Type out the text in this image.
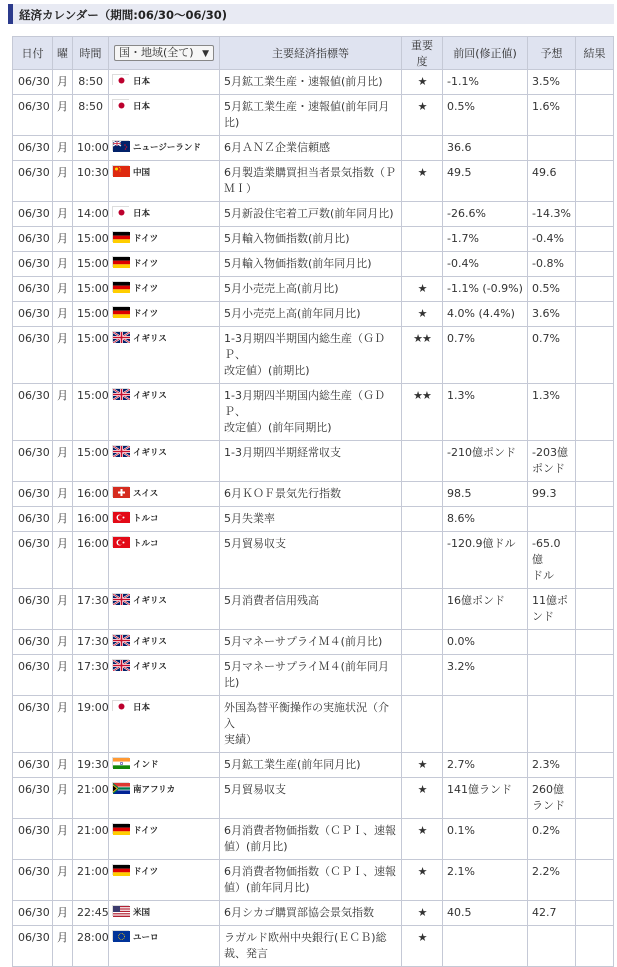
経済カレンダー（期間:06/30～06/30)
日付	曜	時間	国・地域(全て) ▼	主要経済指標等	重要度	前回(修正値)	予想	結果
06/30	月	8:50	日本	5月鉱工業生産・速報値(前月比)	★	-1.1%	3.5%	

06/30	月	8:50	日本	5月鉱工業生産・速報値(前年同月比)	★	0.5%	1.6%	

06/30	月	10:00	ニュージーランド	6月ＡＮＺ企業信頼感		36.6		

06/30	月	10:30	中国	6月製造業購買担当者景気指数（Ｐ
ＭＩ）	★	49.5	49.6	

06/30	月	14:00	日本	5月新設住宅着工戸数(前年同月比)		-26.6%	-14.3%	

06/30	月	15:00	ドイツ	5月輸入物価指数(前月比)		-1.7%	-0.4%	

06/30	月	15:00	ドイツ	5月輸入物価指数(前年同月比)		-0.4%	-0.8%	

06/30	月	15:00	ドイツ	5月小売売上高(前月比)	★	-1.1% (-0.9%)	0.5%	

06/30	月	15:00	ドイツ	5月小売売上高(前年同月比)	★	4.0% (4.4%)	3.6%	

06/30	月	15:00	イギリス	1-3月期四半期国内総生産（ＧＤＰ、
改定値）(前期比)	★★	0.7%	0.7%	

06/30	月	15:00	イギリス	1-3月期四半期国内総生産（ＧＤＰ、
改定値）(前年同期比)	★★	1.3%	1.3%	

06/30	月	15:00	イギリス	1-3月期四半期経常収支		-210億ポンド	-203億
ポンド	

06/30	月	16:00	スイス	6月ＫＯＦ景気先行指数		98.5	99.3	

06/30	月	16:00	トルコ	5月失業率		8.6%		

06/30	月	16:00	トルコ	5月貿易収支		-120.9億ドル	-65.0億
ドル	

06/30	月	17:30	イギリス	5月消費者信用残高		16億ポンド	11億ポ
ンド	

06/30	月	17:30	イギリス	5月マネーサプライＭ４(前月比)		0.0%		

06/30	月	17:30	イギリス	5月マネーサプライＭ４(前年同月比)		3.2%		

06/30	月	19:00	日本	外国為替平衡操作の実施状況（介入
実績）				

06/30	月	19:30	インド	5月鉱工業生産(前年同月比)	★	2.7%	2.3%	

06/30	月	21:00	南アフリカ	5月貿易収支	★	141億ランド	260億
ランド	

06/30	月	21:00	ドイツ	6月消費者物価指数（ＣＰＩ、速報
値）(前月比)	★	0.1%	0.2%	

06/30	月	21:00	ドイツ	6月消費者物価指数（ＣＰＩ、速報
値）(前年同月比)	★	2.1%	2.2%	

06/30	月	22:45	米国	6月シカゴ購買部協会景気指数	★	40.5	42.7	

06/30	月	28:00	ユーロ	ラガルド欧州中央銀行(ＥＣＢ)総
裁、発言	★	
